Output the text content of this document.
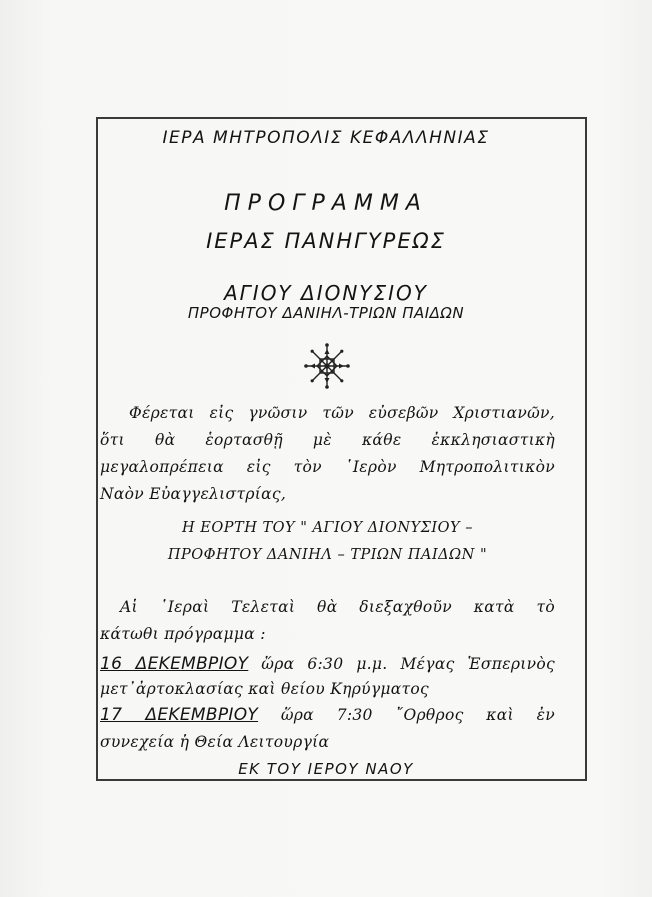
ΙΕΡΑ ΜΗΤΡΟΠΟΛΙΣ ΚΕΦΑΛΛΗΝΙΑΣ
ΠΡΟΓΡΑΜΜΑ
ΙΕΡΑΣ ΠΑΝΗΓΥΡΕΩΣ
ΑΓΙΟΥ ΔΙΟΝΥΣΙΟΥ
ΠΡΟΦΗΤΟΥ ΔΑΝΙΗΛ-ΤΡΙΩΝ ΠΑΙΔΩΝ
Φέρεται εἰς γνῶσιν τῶν εὐσεβῶν Χριστιανῶν,
ὅτι θὰ ἑορτασθῇ μὲ κάθε ἐκκλησιαστικὴ
μεγαλοπρέπεια εἰς τὸν ῾Ιερὸν Μητροπολιτικὸν
Ναὸν Εὐαγγελιστρίας,
Η ΕΟΡΤΗ ΤΟΥ " ΑΓΙΟΥ ΔΙΟΝΥΣΙΟΥ –
ΠΡΟΦΗΤΟΥ ΔΑΝΙΗΛ – ΤΡΙΩΝ ΠΑΙΔΩΝ "
Αἱ ῾Ιεραὶ Τελεταὶ θὰ διεξαχθοῦν κατὰ τὸ
κάτωθι πρόγραμμα :
16 ΔΕΚΕΜΒΡΙΟΥ ὥρα 6:30 μ.μ. Μέγας Ἑσπερινὸς
μετ᾽ἀρτοκλασίας καὶ θείου Κηρύγματος
17 ΔΕΚΕΜΒΡΙΟΥ ὥρα 7:30 ῎Ορθρος καὶ ἐν
συνεχεία ἡ Θεία Λειτουργία
ΕΚ ΤΟΥ ΙΕΡΟΥ ΝΑΟΥ
